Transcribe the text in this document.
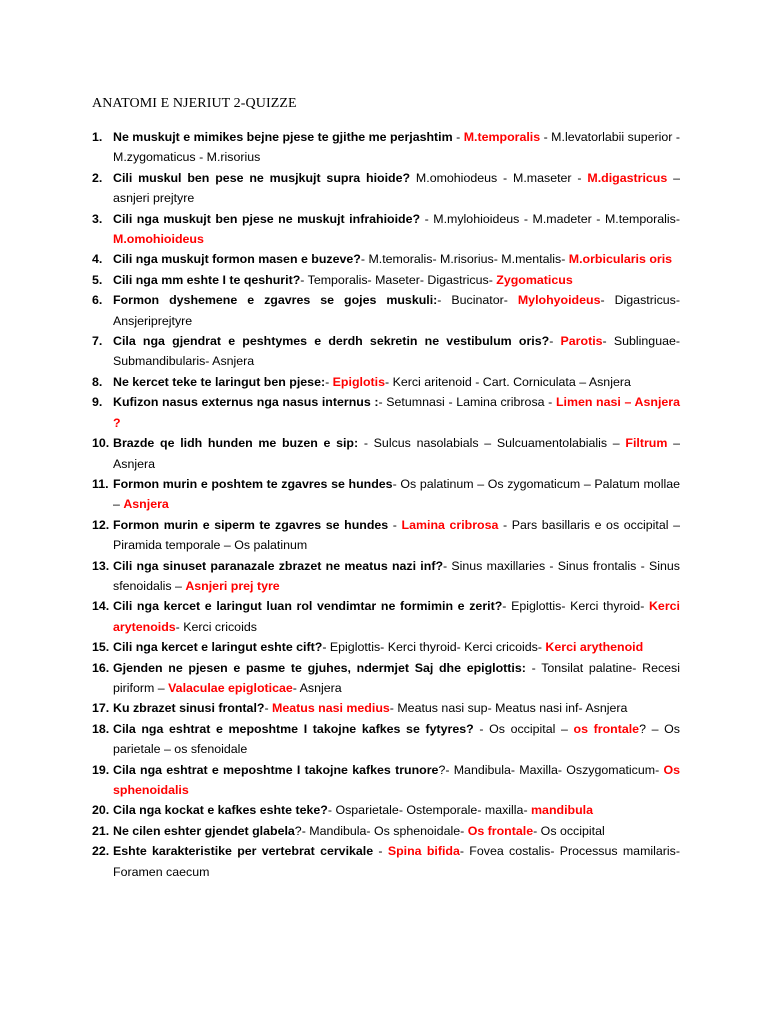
ANATOMI E NJERIUT 2-QUIZZE
1. Ne muskujt e mimikes bejne pjese te gjithe me perjashtim - M.temporalis - M.levatorlabii superior - M.zygomaticus - M.risorius
2. Cili muskul ben pese ne musjkujt supra hioide? M.omohiodeus - M.maseter - M.digastricus – asnjeri prejtyre
3. Cili nga muskujt ben pjese ne muskujt infrahioide? - M.mylohioideus - M.madeter - M.temporalis- M.omohioideus
4. Cili nga muskujt formon masen e buzeve?- M.temoralis- M.risorius- M.mentalis- M.orbicularis oris
5. Cili nga mm eshte I te qeshurit?- Temporalis- Maseter- Digastricus- Zygomaticus
6. Formon dyshemene e zgavres se gojes muskuli:- Bucinator- Mylohyoideus- Digastricus- Ansjeriprejtyre
7. Cila nga gjendrat e peshtymes e derdh sekretin ne vestibulum oris?- Parotis- Sublinguae- Submandibularis- Asnjera
8. Ne kercet teke te laringut ben pjese:- Epiglotis- Kerci aritenoid - Cart. Corniculata – Asnjera
9. Kufizon nasus externus nga nasus internus :- Setumnasi - Lamina cribrosa - Limen nasi – Asnjera ?
10. Brazde qe lidh hunden me buzen e sip: - Sulcus nasolabials – Sulcuamentolabialis – Filtrum – Asnjera
11. Formon murin e poshtem te zgavres se hundes- Os palatinum – Os zygomaticum – Palatum mollae – Asnjera
12. Formon murin e siperm te zgavres se hundes - Lamina cribrosa - Pars basillaris e os occipital –Piramida temporale – Os palatinum
13. Cili nga sinuset paranazale zbrazet ne meatus nazi inf?- Sinus maxillaries - Sinus frontalis - Sinus sfenoidalis – Asnjeri prej tyre
14. Cili nga kercet e laringut luan rol vendimtar ne formimin e zerit?- Epiglottis- Kerci thyroid- Kerci arytenoids- Kerci cricoids
15. Cili nga kercet e laringut eshte cift?- Epiglottis- Kerci thyroid- Kerci cricoids- Kerci arythenoid
16. Gjenden ne pjesen e pasme te gjuhes, ndermjet Saj dhe epiglottis: - Tonsilat palatine- Recesi piriform – Valaculae epigloticae- Asnjera
17. Ku zbrazet sinusi frontal?- Meatus nasi medius- Meatus nasi sup- Meatus nasi inf- Asnjera
18. Cila nga eshtrat e meposhtme I takojne kafkes se fytyres? - Os occipital – os frontale? – Os parietale – os sfenoidale
19. Cila nga eshtrat e meposhtme I takojne kafkes trunore?- Mandibula- Maxilla- Oszygomaticum- Os sphenoidalis
20. Cila nga kockat e kafkes eshte teke?- Osparietale- Ostemporale- maxilla- mandibula
21. Ne cilen eshter gjendet glabela?- Mandibula- Os sphenoidale- Os frontale- Os occipital
22. Eshte karakteristike per vertebrat cervikale - Spina bifida- Fovea costalis- Processus mamilaris- Foramen caecum
